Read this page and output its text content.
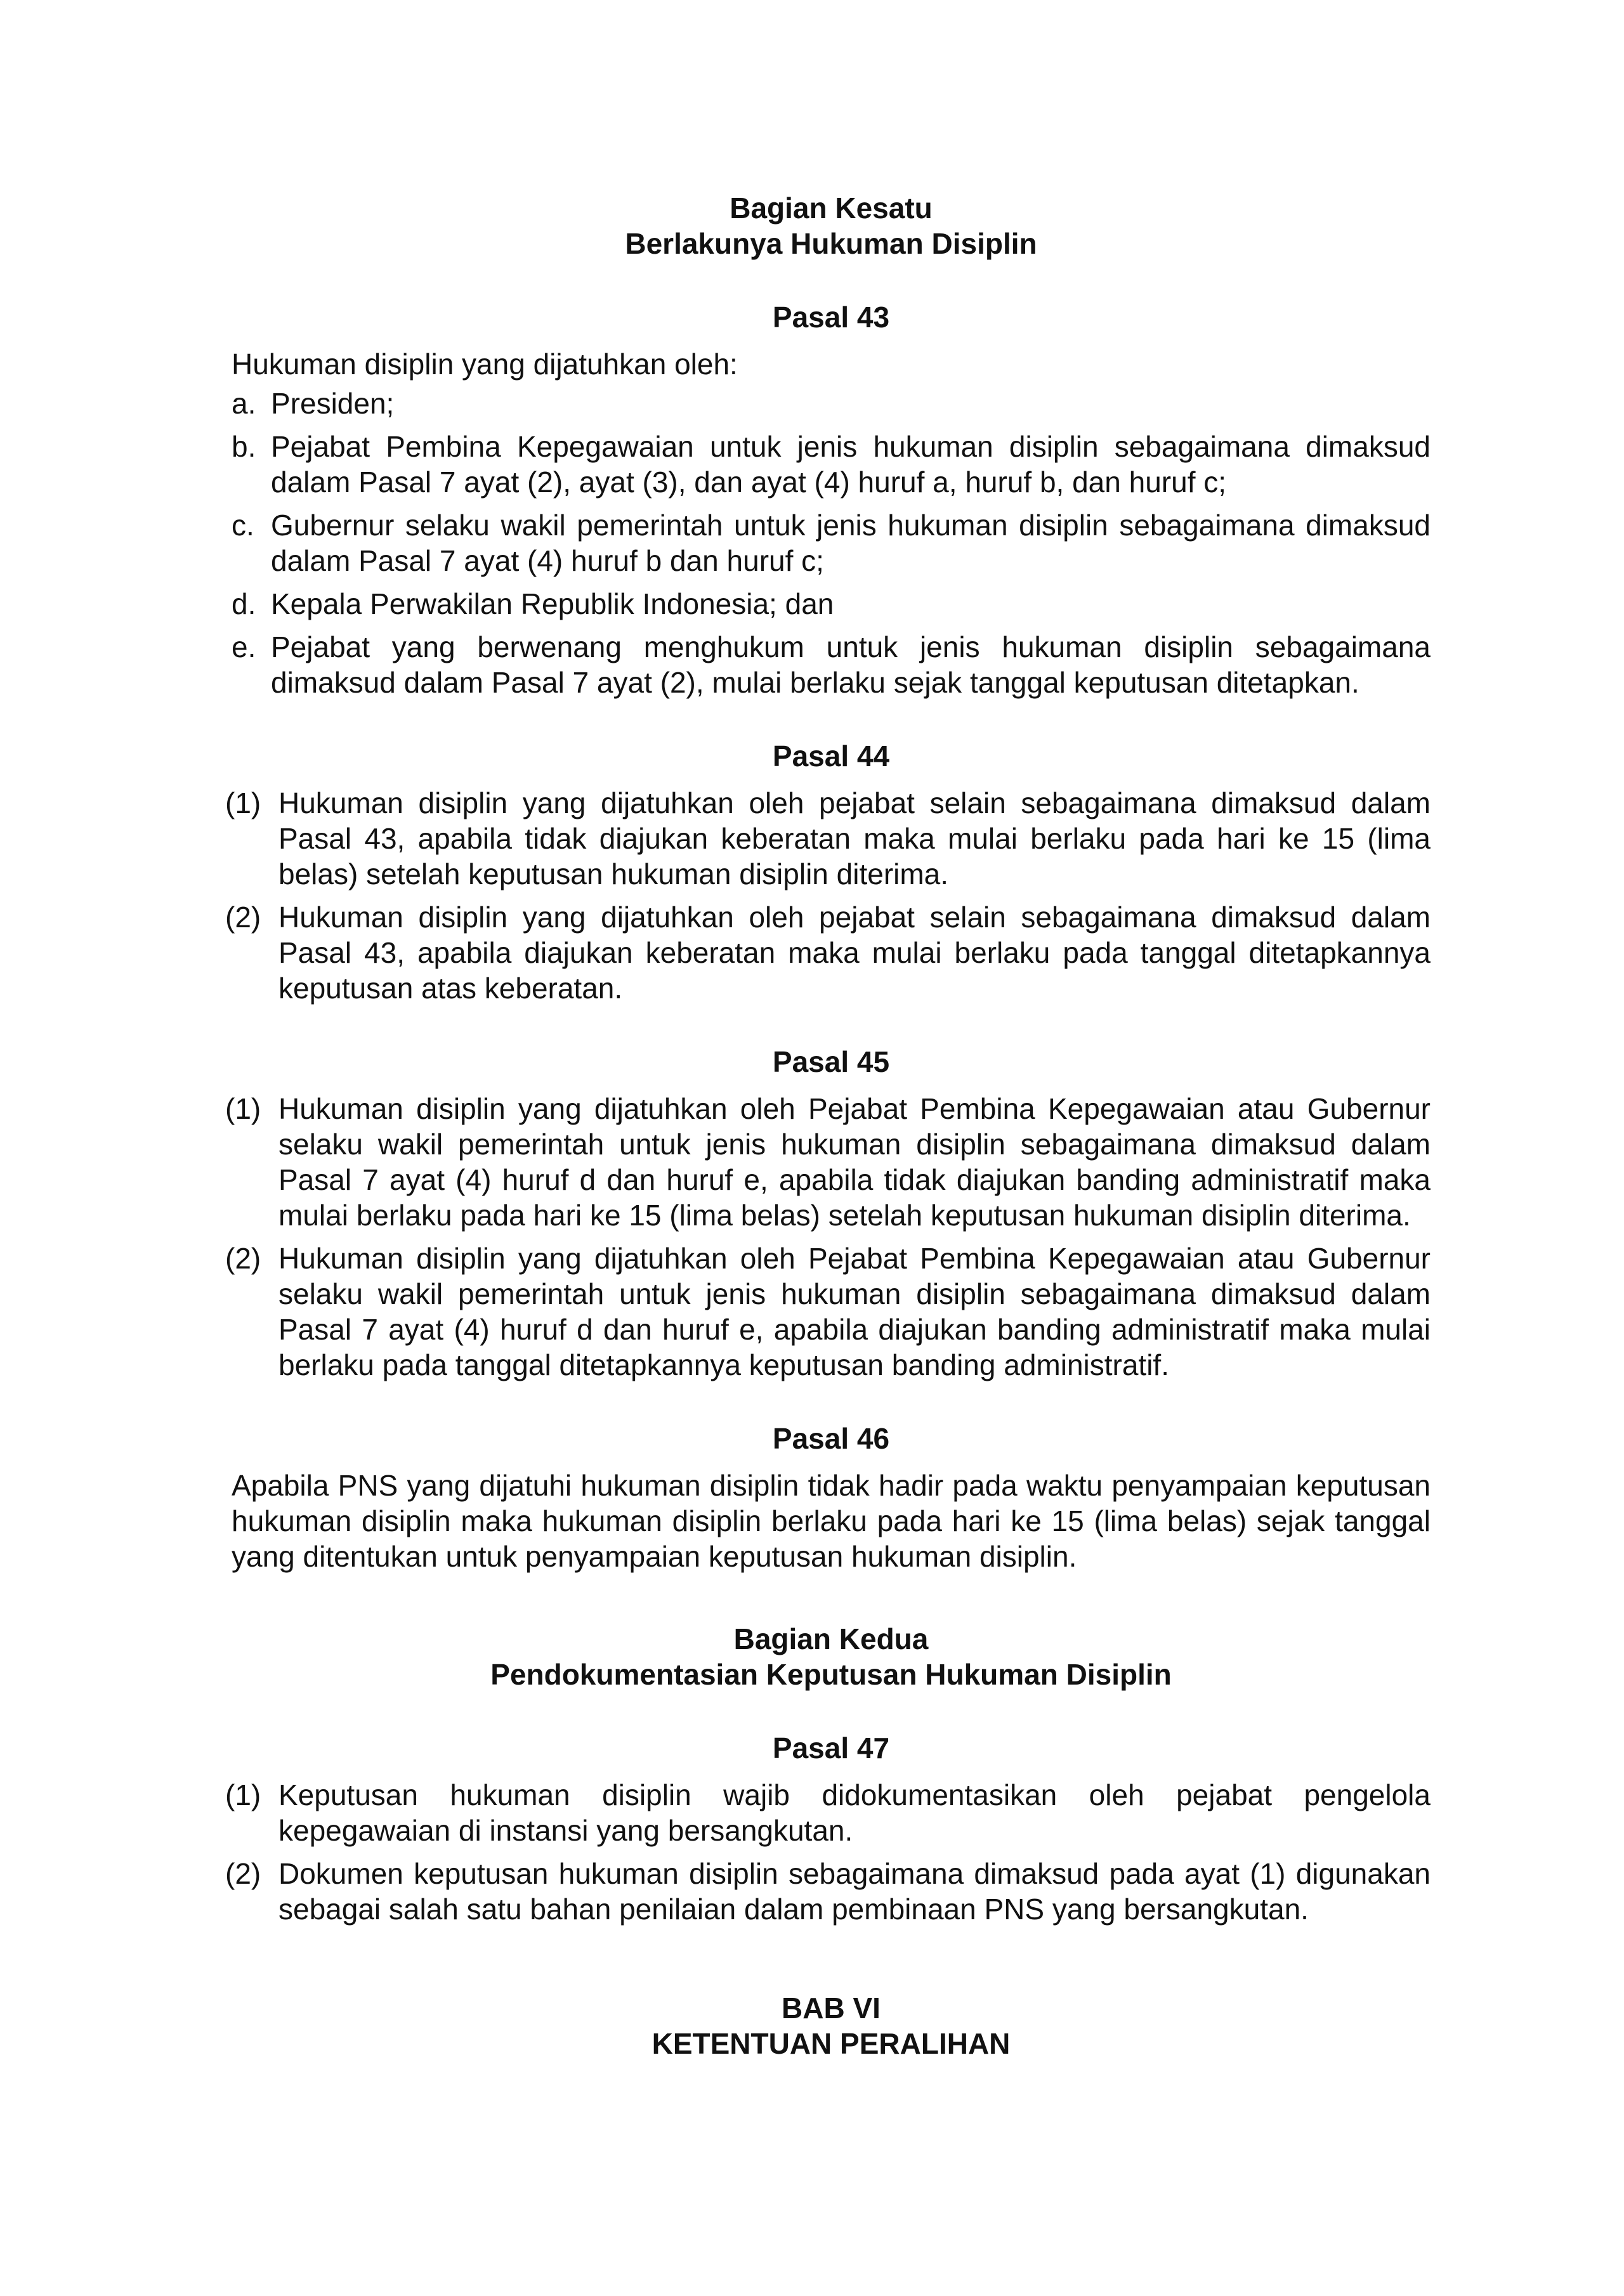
Bagian Kesatu
Berlakunya Hukuman Disiplin
Pasal 43

Hukuman disiplin yang dijatuhkan oleh:

a. Presiden;
b. Pejabat Pembina Kepegawaian untuk jenis hukuman disiplin sebagaimana dimaksud dalam Pasal 7 ayat (2), ayat (3), dan ayat (4) huruf a, huruf b, dan huruf c;
c. Gubernur selaku wakil pemerintah untuk jenis hukuman disiplin sebagaimana dimaksud dalam Pasal 7 ayat (4) huruf b dan huruf c;
d. Kepala Perwakilan Republik Indonesia; dan
e. Pejabat yang berwenang menghukum untuk jenis hukuman disiplin sebagaimana dimaksud dalam Pasal 7 ayat (2), mulai berlaku sejak tanggal keputusan ditetapkan.
Pasal 44
(1) Hukuman disiplin yang dijatuhkan oleh pejabat selain sebagaimana dimaksud dalam Pasal 43, apabila tidak diajukan keberatan maka mulai berlaku pada hari ke 15 (lima belas) setelah keputusan hukuman disiplin diterima.
(2) Hukuman disiplin yang dijatuhkan oleh pejabat selain sebagaimana dimaksud dalam Pasal 43, apabila diajukan keberatan maka mulai berlaku pada tanggal ditetapkannya keputusan atas keberatan.
Pasal 45
(1) Hukuman disiplin yang dijatuhkan oleh Pejabat Pembina Kepegawaian atau Gubernur selaku wakil pemerintah untuk jenis hukuman disiplin sebagaimana dimaksud dalam Pasal 7 ayat (4) huruf d dan huruf e, apabila tidak diajukan banding administratif maka mulai berlaku pada hari ke 15 (lima belas) setelah keputusan hukuman disiplin diterima.
(2) Hukuman disiplin yang dijatuhkan oleh Pejabat Pembina Kepegawaian atau Gubernur selaku wakil pemerintah untuk jenis hukuman disiplin sebagaimana dimaksud dalam Pasal 7 ayat (4) huruf d dan huruf e, apabila diajukan banding administratif maka mulai berlaku pada tanggal ditetapkannya keputusan banding administratif.
Pasal 46

Apabila PNS yang dijatuhi hukuman disiplin tidak hadir pada waktu penyampaian keputusan hukuman disiplin maka hukuman disiplin berlaku pada hari ke 15 (lima belas) sejak tanggal yang ditentukan untuk penyampaian keputusan hukuman disiplin.

Bagian Kedua
Pendokumentasian Keputusan Hukuman Disiplin
Pasal 47
(1) Keputusan hukuman disiplin wajib didokumentasikan oleh pejabat pengelola kepegawaian di instansi yang bersangkutan.
(2) Dokumen keputusan hukuman disiplin sebagaimana dimaksud pada ayat (1) digunakan sebagai salah satu bahan penilaian dalam pembinaan PNS yang bersangkutan.
BAB VI
KETENTUAN PERALIHAN
